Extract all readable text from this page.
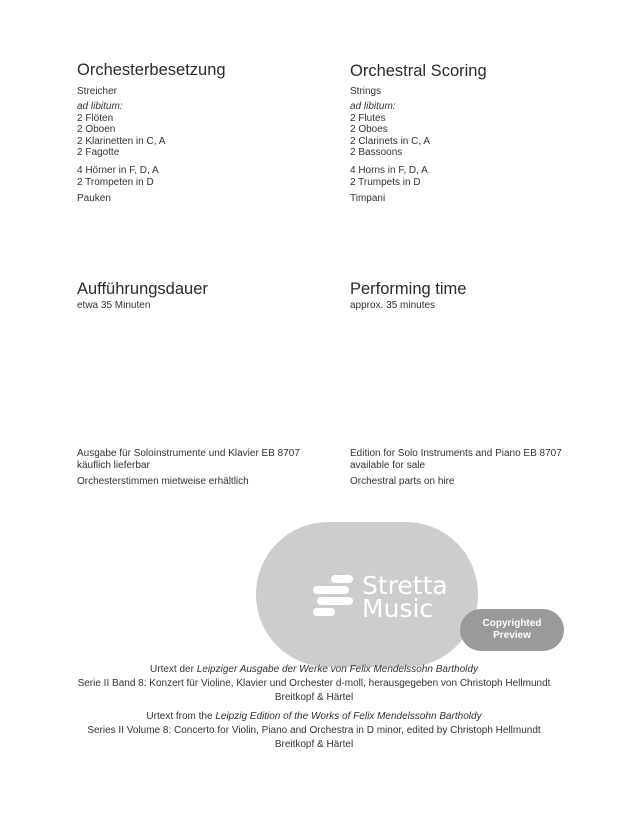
Orchesterbesetzung
Streicher
ad libitum:
2 Flöten
2 Oboen
2 Klarinetten in C, A
2 Fagotte
4 Hörner in F, D, A
2 Trompeten in D
Pauken
Aufführungsdauer
etwa 35 Minuten
Ausgabe für Soloinstrumente und Klavier EB 8707
käuflich lieferbar
Orchesterstimmen mietweise erhältlich
Orchestral Scoring
Strings
ad libitum:
2 Flutes
2 Oboes
2 Clarinets in C, A
2 Bassoons
4 Horns in F, D, A
2 Trumpets in D
Timpani
Performing time
approx. 35 minutes
Edition for Solo Instruments and Piano EB 8707
available for sale
Orchestral parts on hire
Stretta
Music
Copyrighted
Preview
Urtext der Leipziger Ausgabe der Werke von Felix Mendelssohn Bartholdy
Serie II Band 8: Konzert für Violine, Klavier und Orchester d-moll, herausgegeben von Christoph Hellmundt
Breitkopf & Härtel
Urtext from the Leipzig Edition of the Works of Felix Mendelssohn Bartholdy
Series II Volume 8: Concerto for Violin, Piano and Orchestra in D minor, edited by Christoph Hellmundt
Breitkopf & Härtel
